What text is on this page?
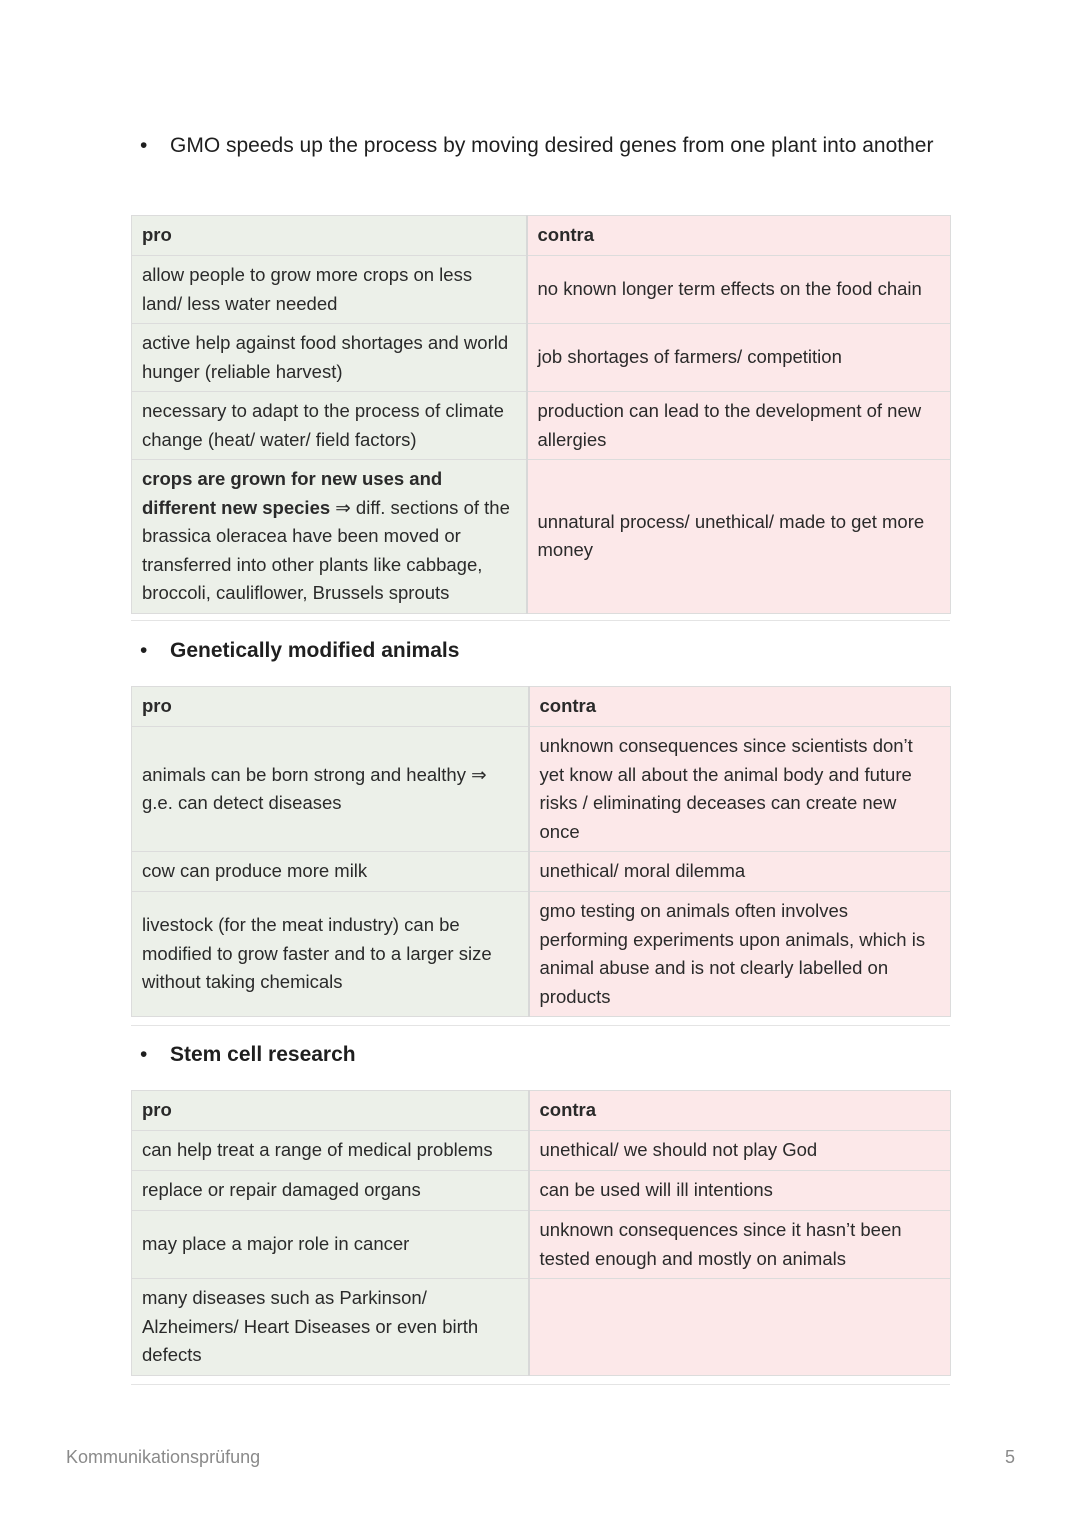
•	GMO speeds up the process by moving desired genes from one plant into another
pro	contra
allow people to grow more crops on less land/ less water needed	no known longer term effects on the food chain
active help against food shortages and world hunger (reliable harvest)	job shortages of farmers/ competition
necessary to adapt to the process of climate change (heat/ water/ field factors)	production can lead to the development of new allergies
crops are grown for new uses and different new species ⇒ diff. sections of the brassica oleracea have been moved or transferred into other plants like cabbage, broccoli, cauliflower, Brussels sprouts	unnatural process/ unethical/ made to get more money
•	Genetically modified animals
pro	contra
animals can be born strong and healthy ⇒ g.e. can detect diseases	unknown consequences since scientists don’t yet know all about the animal body and future risks / eliminating deceases can create new once
cow can produce more milk	unethical/ moral dilemma
livestock (for the meat industry) can be modified to grow faster and to a larger size without taking chemicals	gmo testing on animals often involves performing experiments upon animals, which is animal abuse and is not clearly labelled on products
•	Stem cell research
pro	contra
can help treat a range of medical problems	unethical/ we should not play God
replace or repair damaged organs	can be used will ill intentions
may place a major role in cancer	unknown consequences since it hasn’t been tested enough and mostly on animals
many diseases such as Parkinson/ Alzheimers/ Heart Diseases or even birth defects	
Kommunikationsprüfung	5
